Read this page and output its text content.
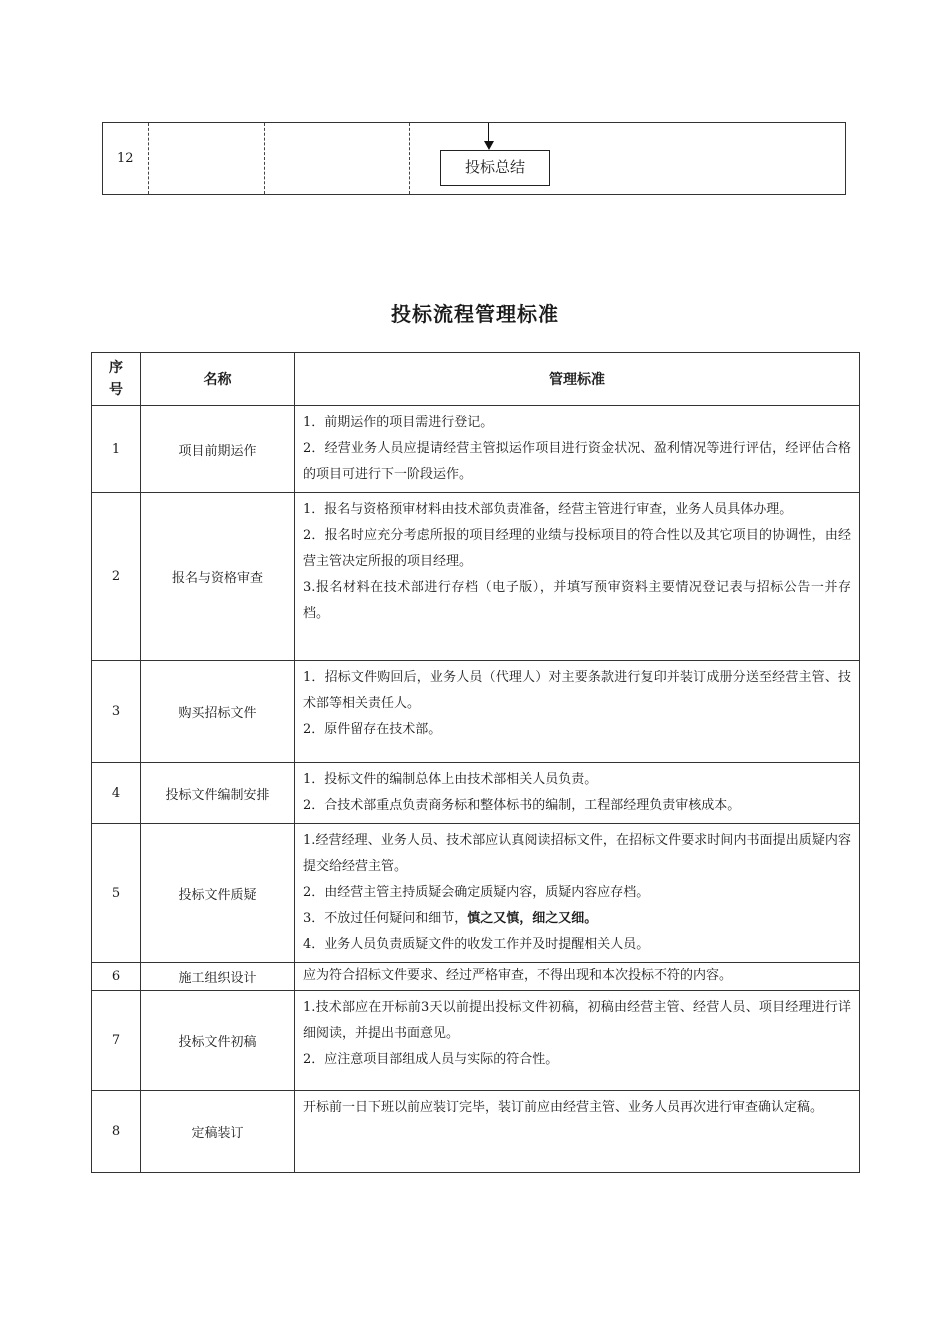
12	投标总结
投标流程管理标准
序号	名称	管理标准
1	项目前期运作	1．前期运作的项目需进行登记。
2．经营业务人员应提请经营主管拟运作项目进行资金状况、盈利情况等进行评估，经评估合格的项目可进行下一阶段运作。

2	报名与资格审查	1．报名与资格预审材料由技术部负责准备，经营主管进行审查，业务人员具体办理。
2．报名时应充分考虑所报的项目经理的业绩与投标项目的符合性以及其它项目的协调性，由经营主管决定所报的项目经理。
3.报名材料在技术部进行存档（电子版），并填写预审资料主要情况登记表与招标公告一并存档。

3	购买招标文件	1．招标文件购回后，业务人员（代理人）对主要条款进行复印并装订成册分送至经营主管、技术部等相关责任人。
2．原件留存在技术部。

4	投标文件编制安排	1．投标文件的编制总体上由技术部相关人员负责。
2．合技术部重点负责商务标和整体标书的编制，工程部经理负责审核成本。

5	投标文件质疑	1.经营经理、业务人员、技术部应认真阅读招标文件，在招标文件要求时间内书面提出质疑内容提交给经营主管。
2．由经营主管主持质疑会确定质疑内容，质疑内容应存档。
3．不放过任何疑问和细节，慎之又慎，细之又细。
4．业务人员负责质疑文件的收发工作并及时提醒相关人员。

6	施工组织设计	应为符合招标文件要求、经过严格审查，不得出现和本次投标不符的内容。

7	投标文件初稿	1.技术部应在开标前3天以前提出投标文件初稿，初稿由经营主管、经营人员、项目经理进行详细阅读，并提出书面意见。
2．应注意项目部组成人员与实际的符合性。

8	定稿装订	开标前一日下班以前应装订完毕，装订前应由经营主管、业务人员再次进行审查确认定稿。
